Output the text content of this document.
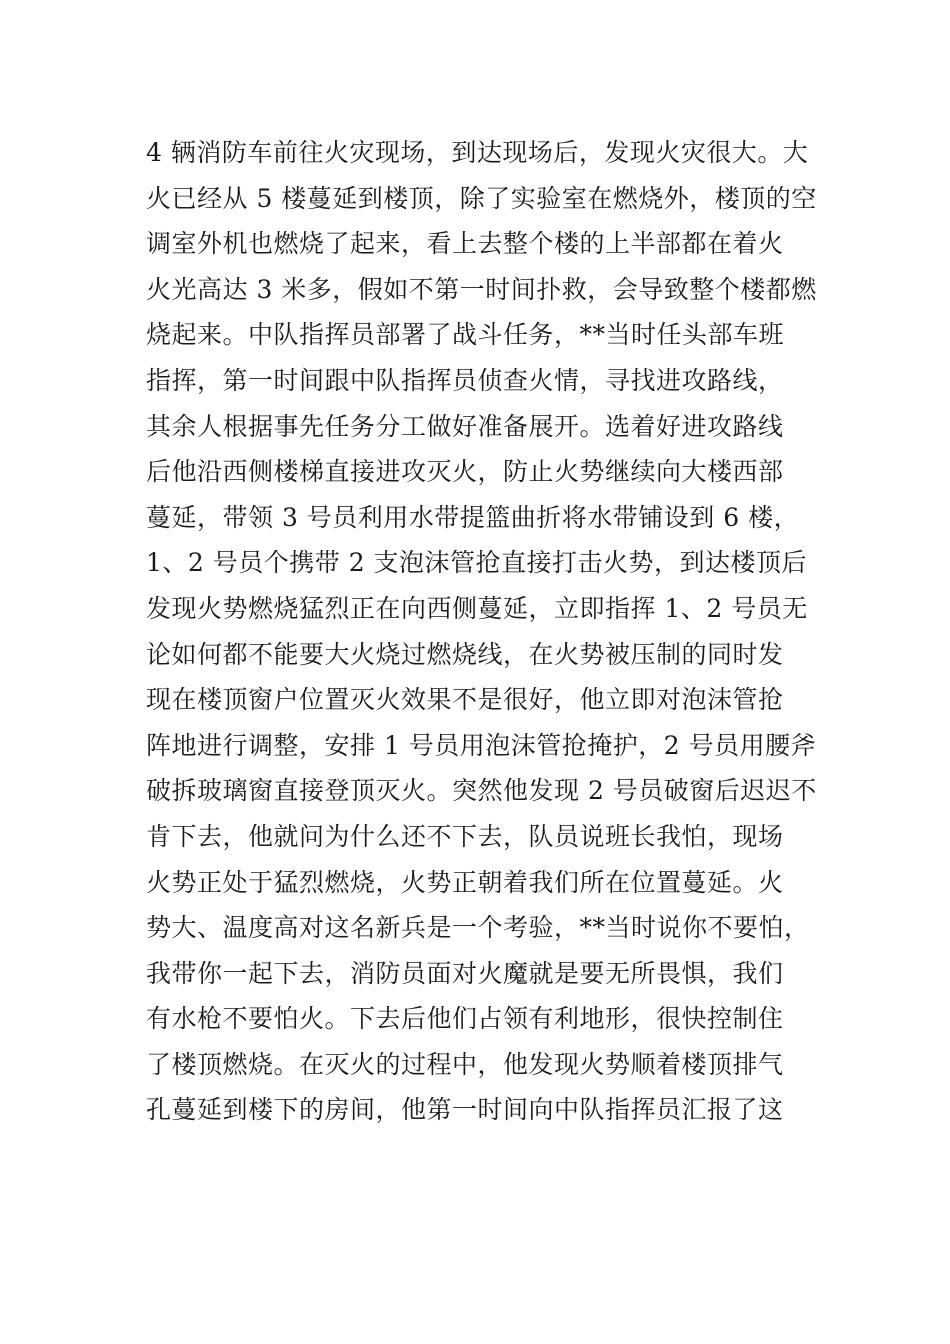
4 辆消防车前往火灾现场，到达现场后，发现火灾很大。大
火已经从 5 楼蔓延到楼顶，除了实验室在燃烧外，楼顶的空
调室外机也燃烧了起来，看上去整个楼的上半部都在着火
火光高达 3 米多，假如不第一时间扑救，会导致整个楼都燃
烧起来。中队指挥员部署了战斗任务，**当时任头部车班
指挥，第一时间跟中队指挥员侦查火情，寻找进攻路线，
其余人根据事先任务分工做好准备展开。选着好进攻路线
后他沿西侧楼梯直接进攻灭火，防止火势继续向大楼西部
蔓延，带领 3 号员利用水带提篮曲折将水带铺设到 6 楼，
1、2 号员个携带 2 支泡沫管抢直接打击火势，到达楼顶后
发现火势燃烧猛烈正在向西侧蔓延，立即指挥 1、2 号员无
论如何都不能要大火烧过燃烧线，在火势被压制的同时发
现在楼顶窗户位置灭火效果不是很好，他立即对泡沫管抢
阵地进行调整，安排 1 号员用泡沫管抢掩护，2 号员用腰斧
破拆玻璃窗直接登顶灭火。突然他发现 2 号员破窗后迟迟不
肯下去，他就问为什么还不下去，队员说班长我怕，现场
火势正处于猛烈燃烧，火势正朝着我们所在位置蔓延。火
势大、温度高对这名新兵是一个考验，**当时说你不要怕，
我带你一起下去，消防员面对火魔就是要无所畏惧，我们
有水枪不要怕火。下去后他们占领有利地形，很快控制住
了楼顶燃烧。在灭火的过程中，他发现火势顺着楼顶排气
孔蔓延到楼下的房间，他第一时间向中队指挥员汇报了这
